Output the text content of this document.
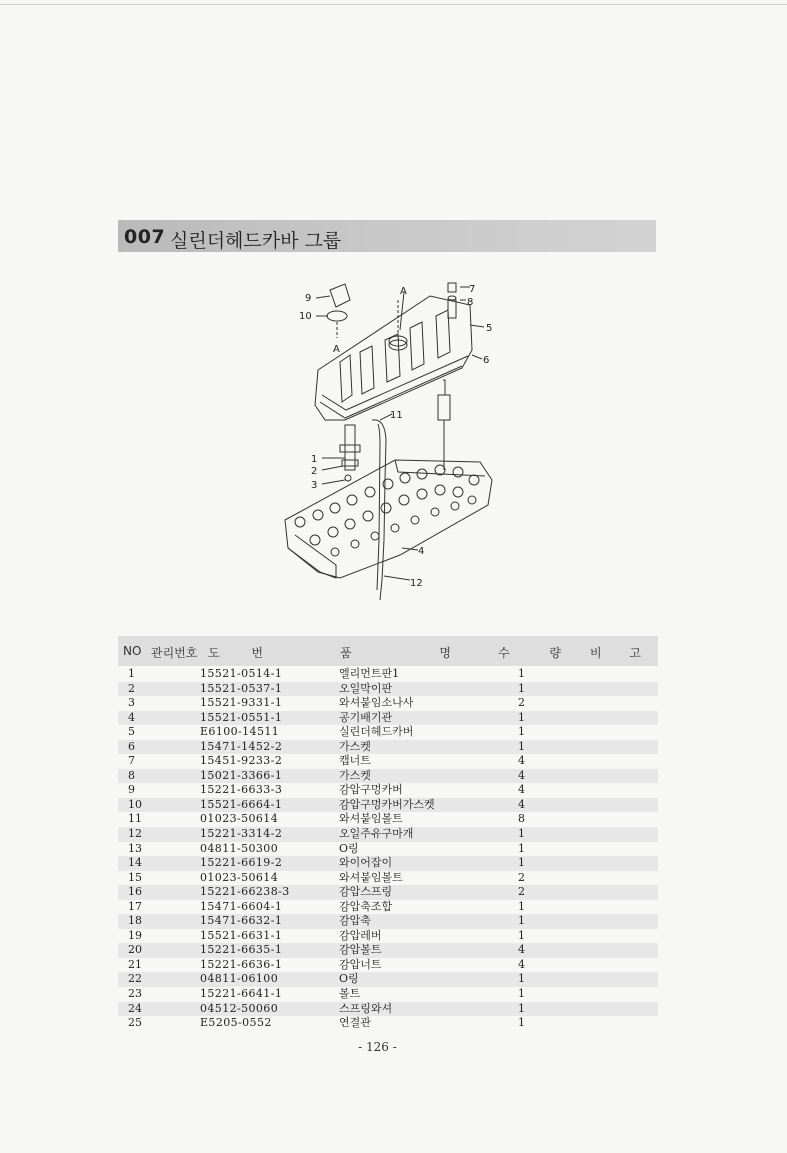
007 실린더헤드카바 그룹
9
10
A
A	7
8
5
6
11
1
2
3
4
12
NO 관리번호 도 번	품 명 수 량 비 고
1	15521-0514-1	엘리먼트판1	1
2	15521-0537-1	오일막이판	1
3	15521-9331-1	와셔붙임소나사	2
4	15521-0551-1	공기배기관	1
5	E6100-14511	실린더헤드카버	1
6	15471-1452-2	가스켓	1
7	15451-9233-2	캡너트	4
8	15021-3366-1	가스켓	4
9	15221-6633-3	감압구멍카버	4
10	15521-6664-1	감압구멍카버가스켓	4
11	01023-50614	와셔붙임볼트	8
12	15221-3314-2	오일주유구마개	1
13	04811-50300	O링	1
14	15221-6619-2	와이어잡이	1
15	01023-50614	와셔붙임볼트	2
16	15221-66238-3	감압스프링	2
17	15471-6604-1	감압축조합	1
18	15471-6632-1	감압축	1
19	15521-6631-1	감압레버	1
20	15221-6635-1	감압볼트	4
21	15221-6636-1	감압너트	4
22	04811-06100	O링	1
23	15221-6641-1	볼트	1
24	04512-50060	스프링와셔	1
25	E5205-0552	연결관	1
- 126 -
